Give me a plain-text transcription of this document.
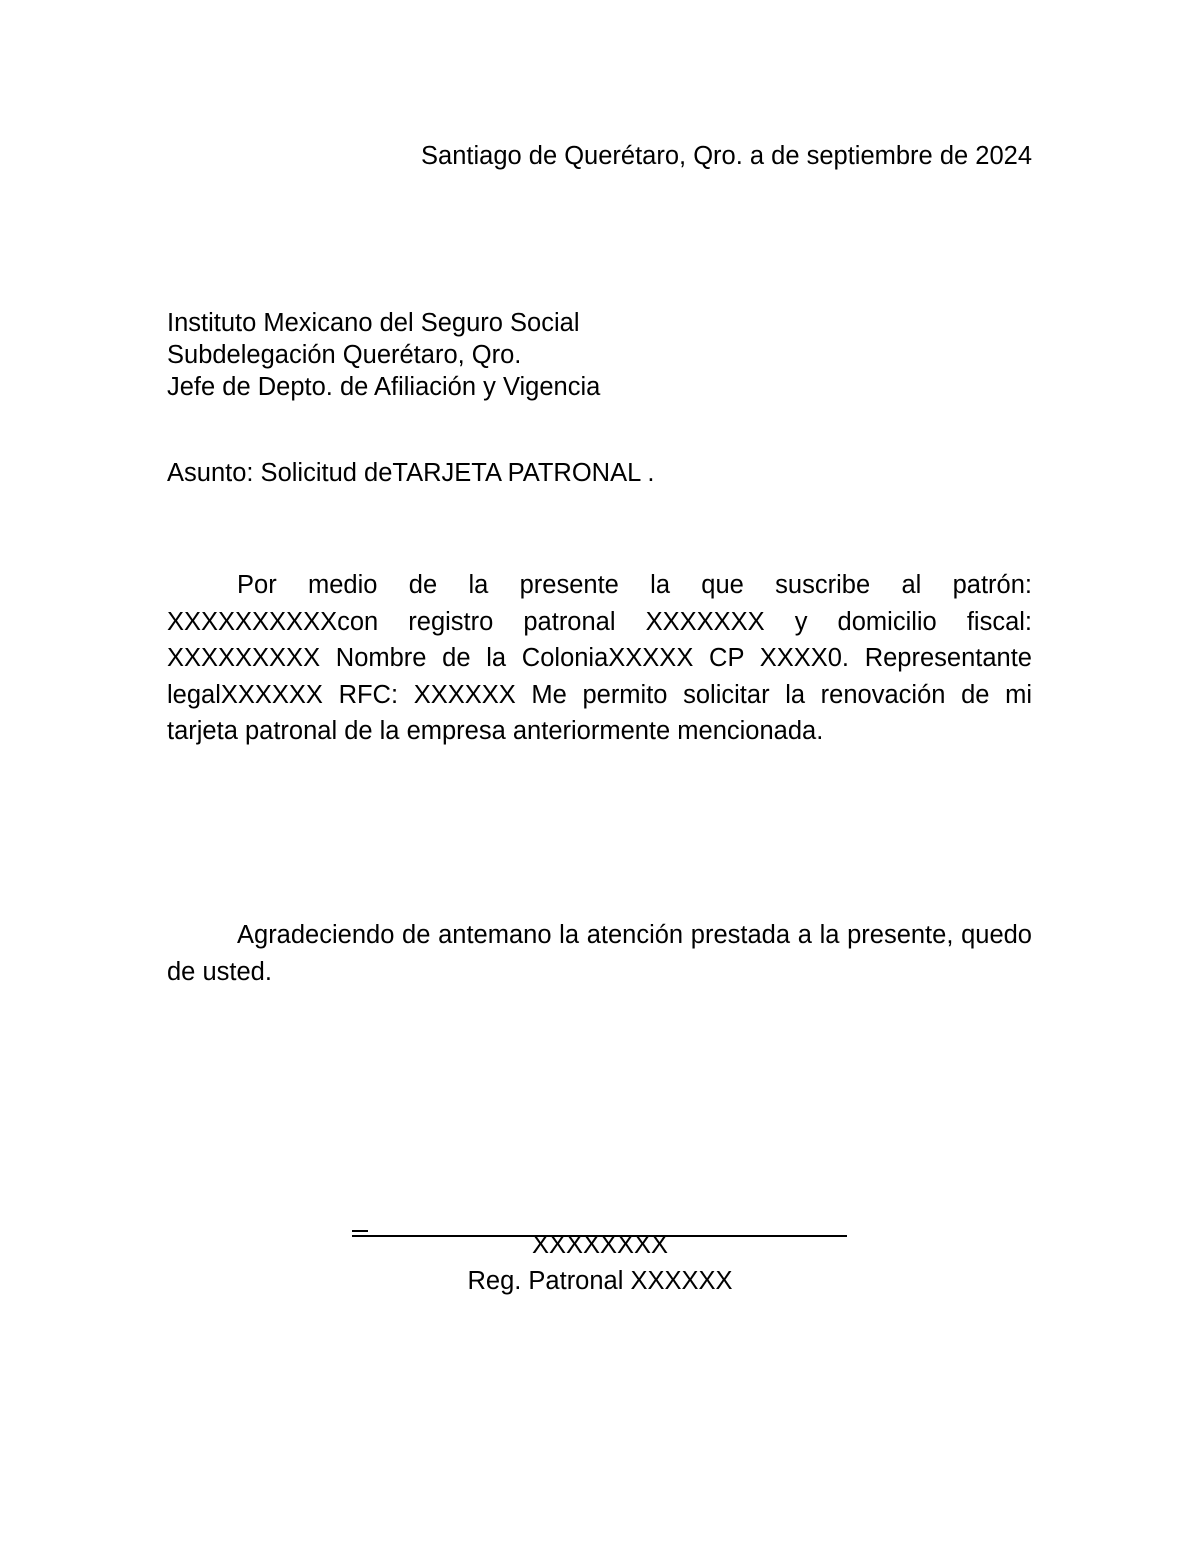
Santiago de Querétaro, Qro. a de septiembre de 2024
Instituto Mexicano del Seguro Social
Subdelegación Querétaro, Qro.
Jefe de Depto. de Afiliación y Vigencia
Asunto: Solicitud deTARJETA PATRONAL .

Por medio de la presente la que suscribe al patrón: XXXXXXXXXXcon registro patronal XXXXXXX y domicilio fiscal: XXXXXXXXX Nombre de la ColoniaXXXXX CP XXXX0. Representante legalXXXXXX RFC: XXXXXX Me permito solicitar la renovación de mi tarjeta patronal de la empresa anteriormente mencionada.

Agradeciendo de antemano la atención prestada a la presente, quedo de usted.

XXXXXXXX
Reg. Patronal XXXXXX
